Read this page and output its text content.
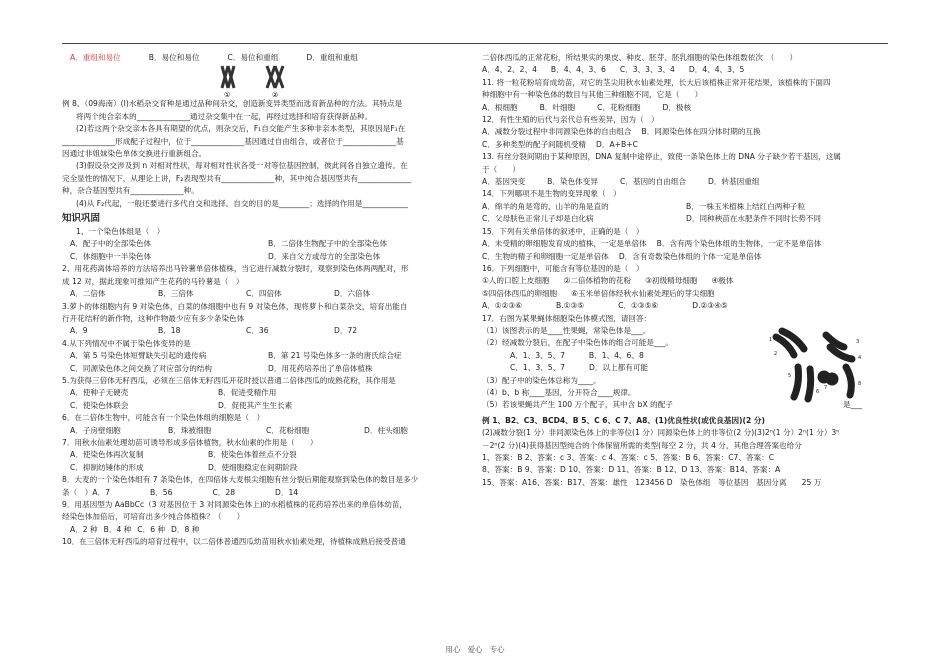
A．重组和易位	B．易位和易位	C．易位和重组	D．重组和重组
①	②
例 8、（09海南）(Ⅰ)水稻杂交育种是通过品种间杂交，创造新变异类型而选育新品种的方法。其特点是
将两个纯合亲本的______________通过杂交集中在一起，再经过选择和培育获得新品种。
(2)若这两个杂交亲本各具有期望的优点，则杂交后，F₁自交能产生多种非亲本类型，其原因是F₁在
______________形成配子过程中，位于______________基因通过自由组合，或者位于______________基
因通过非姐妹染色单体交换进行重新组合。
(3)假设杂交涉及到 n 对相对性状，每对相对性状各受一对等位基因控制，彼此间各自独立遗传。在
完全显性的情况下，从理论上讲，F₂表现型共有______________种，其中纯合基因型共有______________
种，杂合基因型共有______________种。
(4)从 F₂代起，一般还要进行多代自交和选择。自交的目的是________；选择的作用是____________
知识巩固
1、一个染色体组是（　）
A．配子中的全部染色体	B．二倍体生物配子中的全部染色体
C．体细胞中一半染色体	D．来自父方或母方的全部染色体
2、用花药离体培养的方法培养出马铃薯单倍体植株，当它进行减数分裂时，观察到染色体两两配对，形
成 12 对，据此现象可推知产生花药的马铃薯是（　）
A．二倍体	B．三倍体	C．四倍体	D．六倍体
3.萝卜的体细胞内有 9 对染色体，白菜的体细胞中也有 9 对染色体，现将萝卜和白菜杂交，培育出能自
行开花结籽的新作物，这种作物最少应有多少条染色体
A．9	B．18	C．36	D．72
4.从下列情况中不属于染色体变异的是
A．第 5 号染色体短臂缺失引起的遗传病	B．第 21 号染色体多一条的唐氏综合症
C．同源染色体之间交换了对应部分的结构	D．用花药培养出了单倍体植株
5.为获得三倍体无籽西瓜，必须在三倍体无籽西瓜开花时授以普通二倍体西瓜的成熟花粉，其作用是
A．使种子无硬壳	B．促进受精作用
C．使染色体联会	D．促使其产生生长素
6．在二倍体生物中，可能含有一个染色体组的细胞是（　）
A．子房壁细胞	B．珠被细胞	C．花粉细胞	D．柱头细胞
7．用秋水仙素处理幼苗可诱导形成多倍体植物，秋水仙素的作用是（　　）
A．使染色体再次复制	B．使染色体着丝点不分裂
C．抑制纺锤体的形成	D．使细胞稳定在间期阶段
8．大麦的一个染色体组有 7 条染色体，在四倍体大麦根尖细胞有丝分裂后期能观察到染色体的数目是多少
条（　）A．7	B．56	C．28	D．14
9．用基因型为 AaBbCc（3 对基因位于 3 对同源染色体上)的水稻植株的花药培养出来的单倍体幼苗，
经染色体加倍后，可培育出多少纯合体植株？（　　）
A．2 种 B．4 种 C．6 种 D．8 种
10．在三倍体无籽西瓜的培育过程中，以二倍体普通西瓜幼苗用秋水仙素处理，待植株成熟后接受普通
二倍体西瓜的正常花粉，所结果实的果皮、种皮、胚芽、胚乳细胞的染色体组数依次　（　　）
A．4、2、2、4 B．4、4、3、6 C．3、3、3、4 D．4、4、3、5
11. 将一粒花粉培育成幼苗，对它的茎尖用秋水仙素处理，长大后该植株正常开花结果，该植株的下面四
种细胞中有一种染色体的数目与其他三种细胞不同，它是（　　）
A．根细胞	B．叶细胞	C．花粉细胞	D．极核
12．有性生殖的后代与亲代总有些差异，因为（　）
A．减数分裂过程中非同源染色体的自由组合 B．同源染色体在四分体时期的互换
C．多种类型的配子间随机受精 D．A+B+C
13. 有丝分裂间期由于某种原因，DNA 复制中途停止，致使一条染色体上的 DNA 分子缺少若干基因，这属
于（　　）
A．基因突变	B．染色体变异	C．基因的自由组合	D．转基因重组
14．下列哪项不是生物的变异现象（　）
A．绵羊的角是弯的，山羊的角是直的	B．一株玉米植株上结红白两种子粒
C．父母肤色正常儿子却是白化病	D．同种秧苗在水肥条件不同时长势不同
15．下列有关单倍体的叙述中，正确的是（　）
A．未受精的卵细胞发育成的植株，一定是单倍体 B．含有两个染色体组的生物体，一定不是单倍体
C．生物的精子和卵细胞一定是单倍体 D．含有奇数染色体组的个体一定是单倍体
16．下列细胞中，可能含有等位基因的是（　）
①人的口腔上皮细胞 ②二倍体植物的花粉 ③初级精母细胞 ④极体
⑤四倍体西瓜的卵细胞 ⑥玉米单倍体经秋水仙素处理后的芽尖细胞
A．①②③⑥	B.①③⑤	C．①③⑤⑥	D.②③④⑤
17．右图为某果蝇体细胞染色体模式图，请回答：
（1）该图表示的是____性果蝇，常染色体是___。
（2）经减数分裂后，在配子中染色体的组合可能是___。
A．1、3、5、7	B．1、4、6、8
C．1、3、5、7	D．以上都有可能
（3）配子中的染色体总称为____。
（4）b、b 称____基因，分开符合____规律。
（5）若该果蝇共产生 100 万个配子，其中含 bX 的配子	是___
1
2
3
4
5
6
7
8
例 1、B2、C3、BCD4、B 5、C 6、C 7、A8、(1)优良性状(或优良基因)(2 分)
(2)减数分裂(1 分）非同源染色体上的非等位(1 分）同源染色体上的非等位(2 分)(3)2ⁿ(1 分）2ⁿ(1 分）3ⁿ
－2ⁿ(2 分)(4)获得基因型纯合的个体保留所需的类型(每空 2 分，共 4 分，其他合理答案也给分
1、答案：B 2、答案：c 3、答案：c 4、答案：c 5、答案：B 6、答案：C7、答案：C
8、答案：B 9、答案：D 10、答案：D 11、答案：B 12、D 13、答案：B14、答案：A
15、答案：A16、答案：B17、答案：雄性　123456 D　染色体组　等位基因　基因分离　　25 万
用心　爱心　专心
